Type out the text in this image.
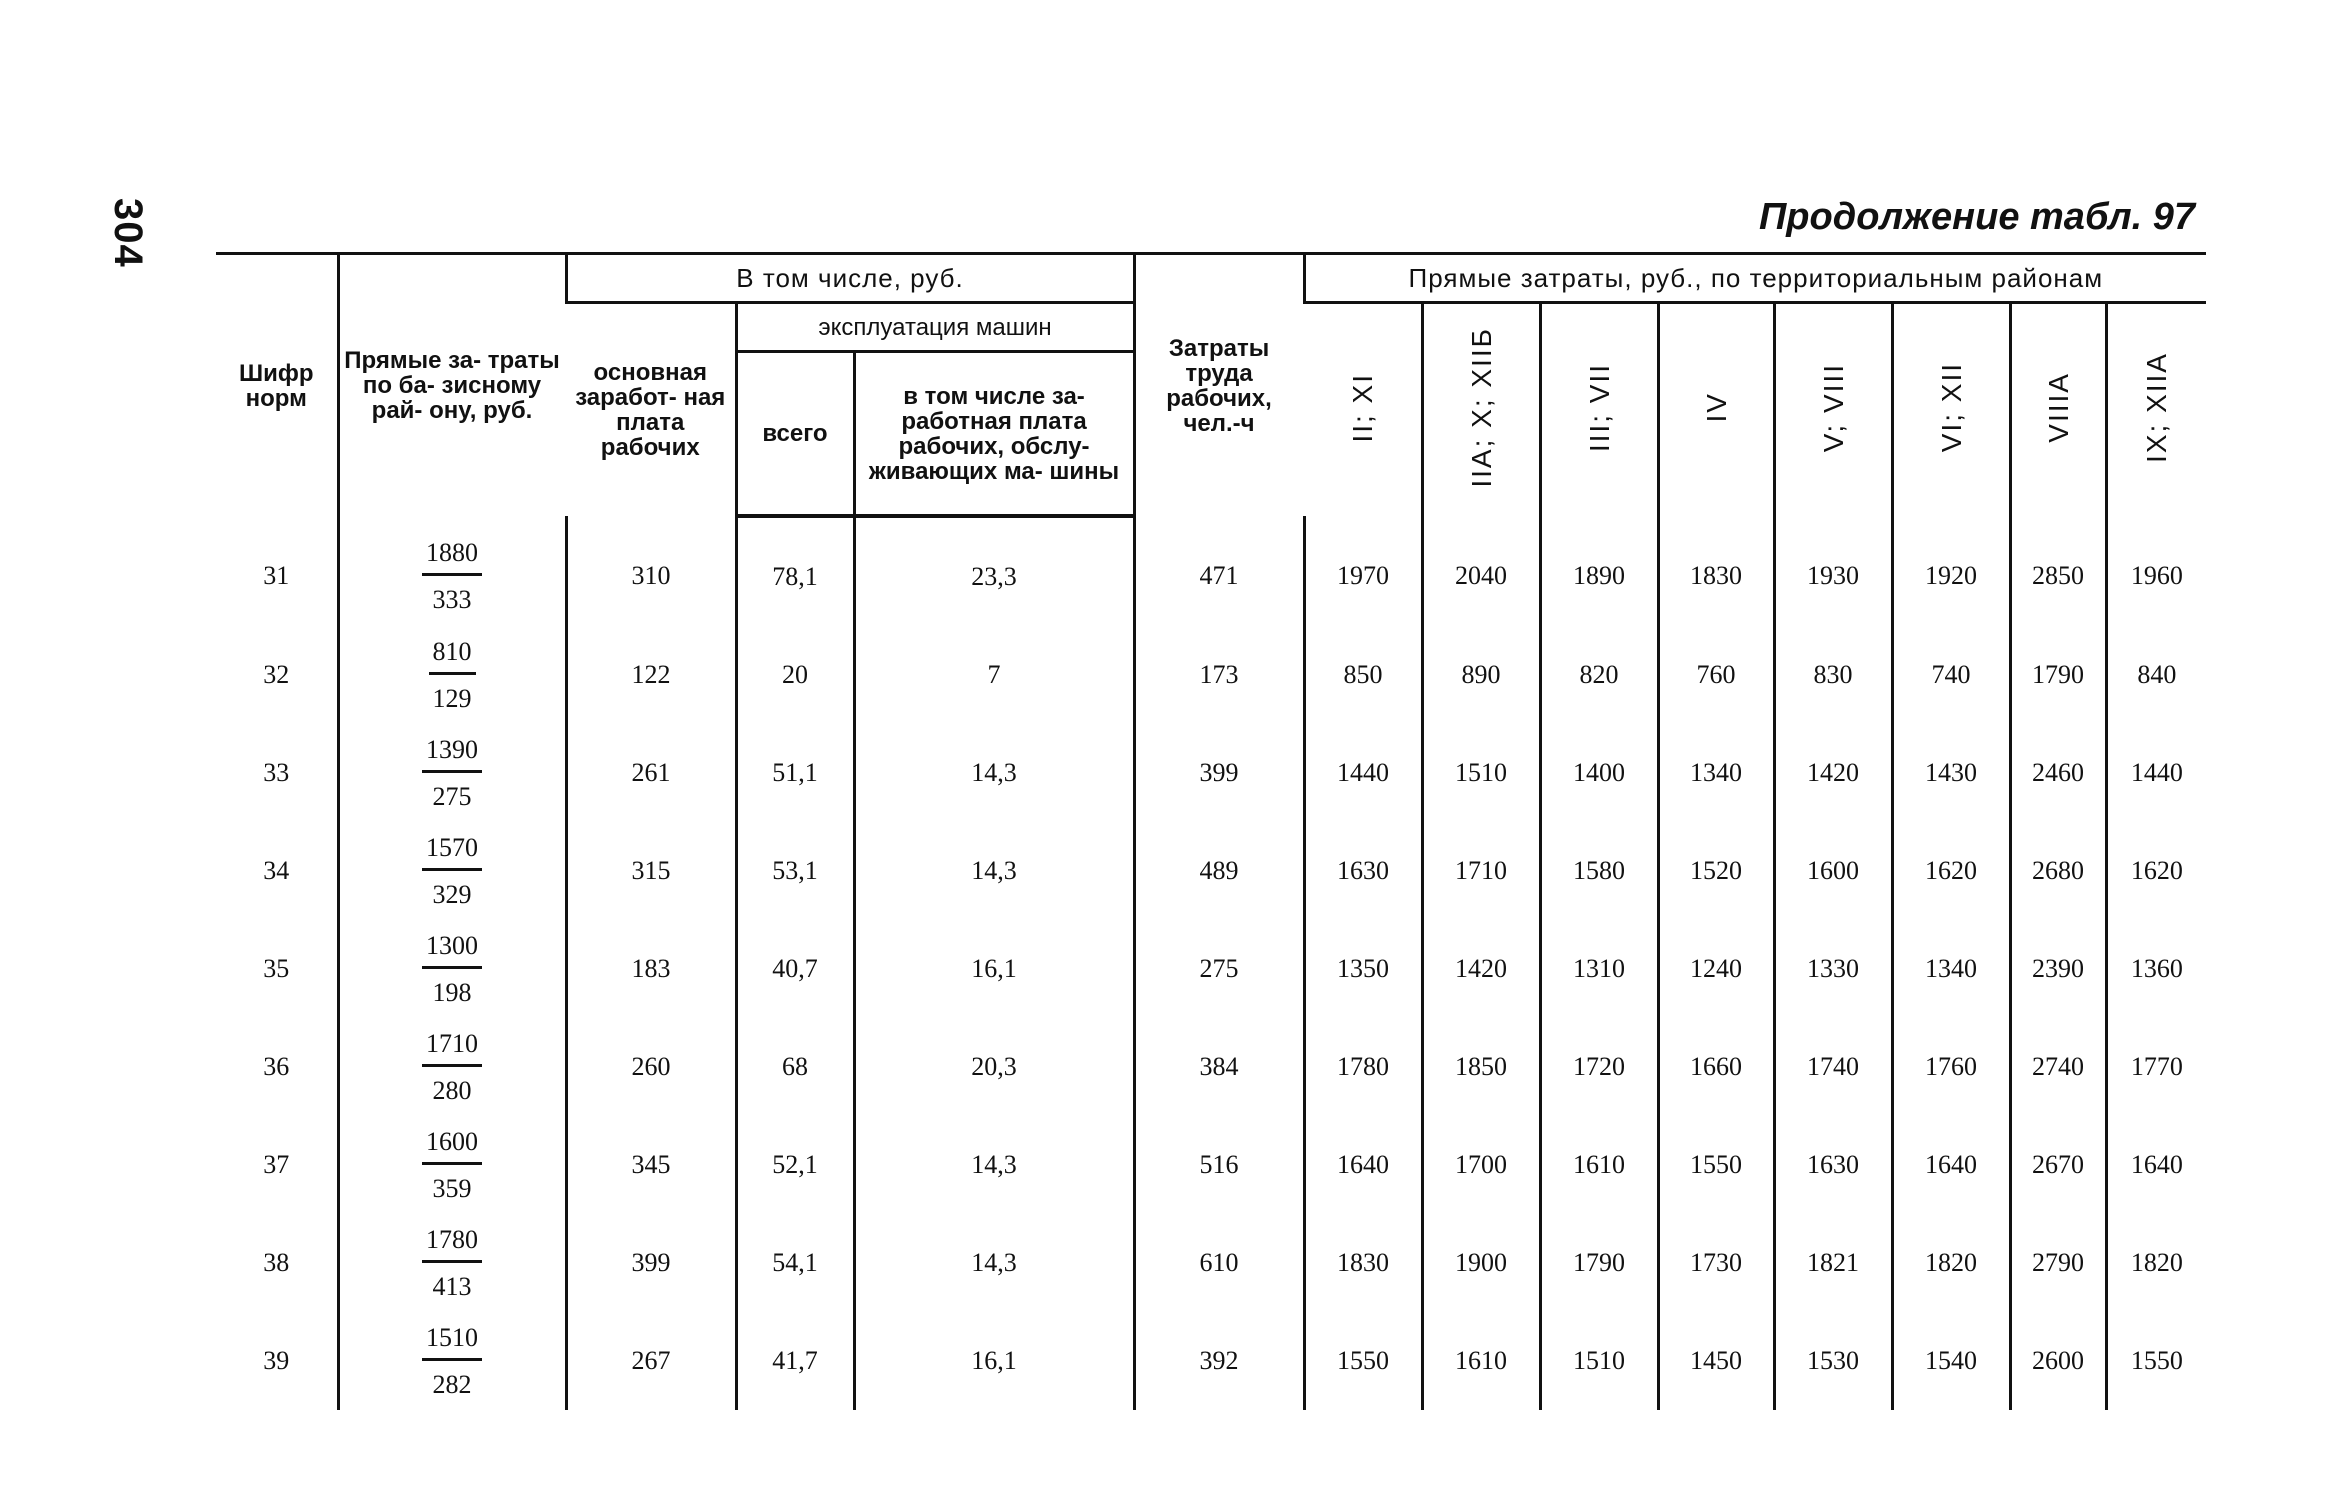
304	Продолжение табл. 97
Шифр норм	Прямые за- траты по ба- зисному рай- ону, руб.	В том числе, руб.			Затраты труда рабочих, чел.-ч	Прямые затраты, руб., по территориальным районам							
		основная заработ- ная плата рабочих	эксплуатация машин			II; XI	IIA; X; XIIБ	III; VII	IV	V; VIII	VI; XII	VIIIA	IX; XIIA
			всего	в том числе за- работная плата рабочих, обслу- живающих ма- шины									
31	$\frac{1880}{333}$	310	78,1	23,3	471	1970	2040	1890	1830	1930	1920	2850	1960
32	$\frac{810}{129}$	122	20	7	173	850	890	820	760	830	740	1790	840
33	$\frac{1390}{275}$	261	51,1	14,3	399	1440	1510	1400	1340	1420	1430	2460	1440
34	$\frac{1570}{329}$	315	53,1	14,3	489	1630	1710	1580	1520	1600	1620	2680	1620
35	$\frac{1300}{198}$	183	40,7	16,1	275	1350	1420	1310	1240	1330	1340	2390	1360
36	$\frac{1710}{280}$	260	68	20,3	384	1780	1850	1720	1660	1740	1760	2740	1770
37	$\frac{1600}{359}$	345	52,1	14,3	516	1640	1700	1610	1550	1630	1640	2670	1640
38	$\frac{1780}{413}$	399	54,1	14,3	610	1830	1900	1790	1730	1821	1820	2790	1820
39	$\frac{1510}{282}$	267	41,7	16,1	392	1550	1610	1510	1450	1530	1540	2600	1550
